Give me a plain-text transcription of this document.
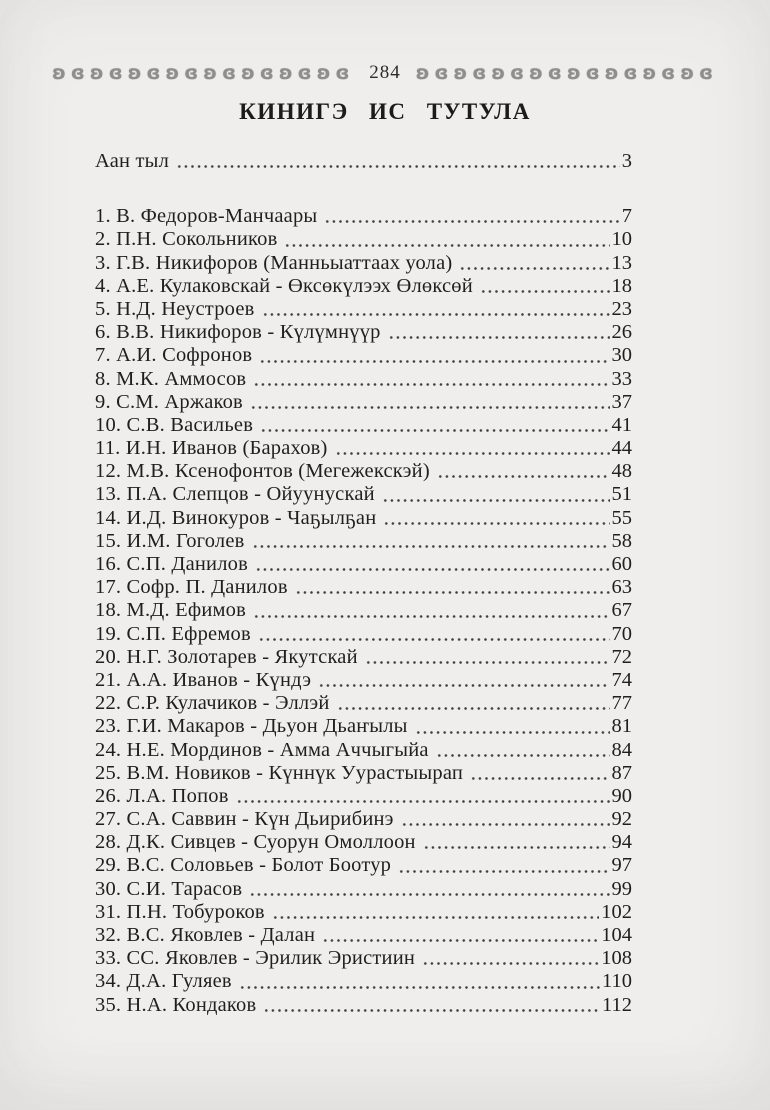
ʚɞʚɞʚɞʚɞʚɞʚɞʚɞʚɞ 284 ʚɞʚɞʚɞʚɞʚɞʚɞʚɞʚɞ
КИНИГЭ ИС ТУТУЛА
Аан тыл	3
1. В. Федоров-Манчаары	7
2. П.Н. Сокольников	10
3. Г.В. Никифоров (Манньыаттаах уола)	13
4. А.Е. Кулаковскай - Өксөкүлээх Өлөксөй	18
5. Н.Д. Неустроев	23
6. В.В. Никифоров - Күлүмнүүр	26
7. А.И. Софронов	30
8. М.К. Аммосов	33
9. С.М. Аржаков	37
10. С.В. Васильев	41
11. И.Н. Иванов (Барахов)	44
12. М.В. Ксенофонтов (Мегежекскэй)	48
13. П.А. Слепцов - Ойуунускай	51
14. И.Д. Винокуров - Чаҕылҕан	55
15. И.М. Гоголев	58
16. С.П. Данилов	60
17. Софр. П. Данилов	63
18. М.Д. Ефимов	67
19. С.П. Ефремов	70
20. Н.Г. Золотарев - Якутскай	72
21. А.А. Иванов - Күндэ	74
22. С.Р. Кулачиков - Эллэй	77
23. Г.И. Макаров - Дьуон Дьаҥылы	81
24. Н.Е. Мординов - Амма Аччыгыйа	84
25. В.М. Новиков - Күннүк Уурастыырап	87
26. Л.А. Попов	90
27. С.А. Саввин - Күн Дьирибинэ	92
28. Д.К. Сивцев - Суорун Омоллоон	94
29. В.С. Соловьев - Болот Боотур	97
30. С.И. Тарасов	99
31. П.Н. Тобуроков	102
32. В.С. Яковлев - Далан	104
33. СС. Яковлев - Эрилик Эристиин	108
34. Д.А. Гуляев	110
35. Н.А. Кондаков	112
